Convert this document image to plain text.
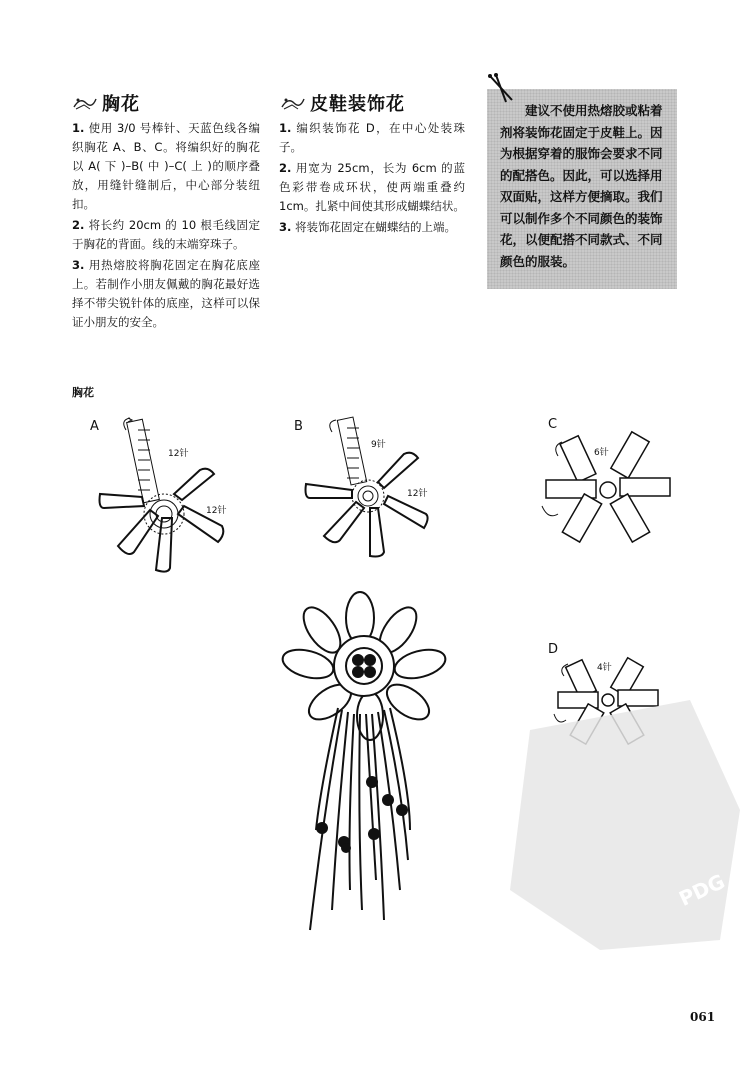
胸花

1. 使用 3/0 号棒针、天蓝色线各编织胸花 A、B、C。将编织好的胸花以 A( 下 )–B( 中 )–C( 上 )的顺序叠放，用缝针缝制后，中心部分装纽扣。

2. 将长约 20cm 的 10 根毛线固定于胸花的背面。线的末端穿珠子。

3. 用热熔胶将胸花固定在胸花底座上。若制作小朋友佩戴的胸花最好选择不带尖锐针体的底座，这样可以保证小朋友的安全。

皮鞋装饰花

1. 编织装饰花 D，在中心处装珠子。

2. 用宽为 25cm，长为 6cm 的蓝色彩带卷成环状，使两端重叠约 1cm。扎紧中间使其形成蝴蝶结状。

3. 将装饰花固定在蝴蝶结的上端。

建议不使用热熔胶或粘着剂将装饰花固定于皮鞋上。因为根据穿着的服饰会要求不同的配搭色。因此，可以选择用双面贴，这样方便摘取。我们可以制作多个不同颜色的装饰花，以便配搭不同款式、不同颜色的服装。
胸花
A
12针
12针
B
9针
12针
C
6针
D
4针
PDG
061
